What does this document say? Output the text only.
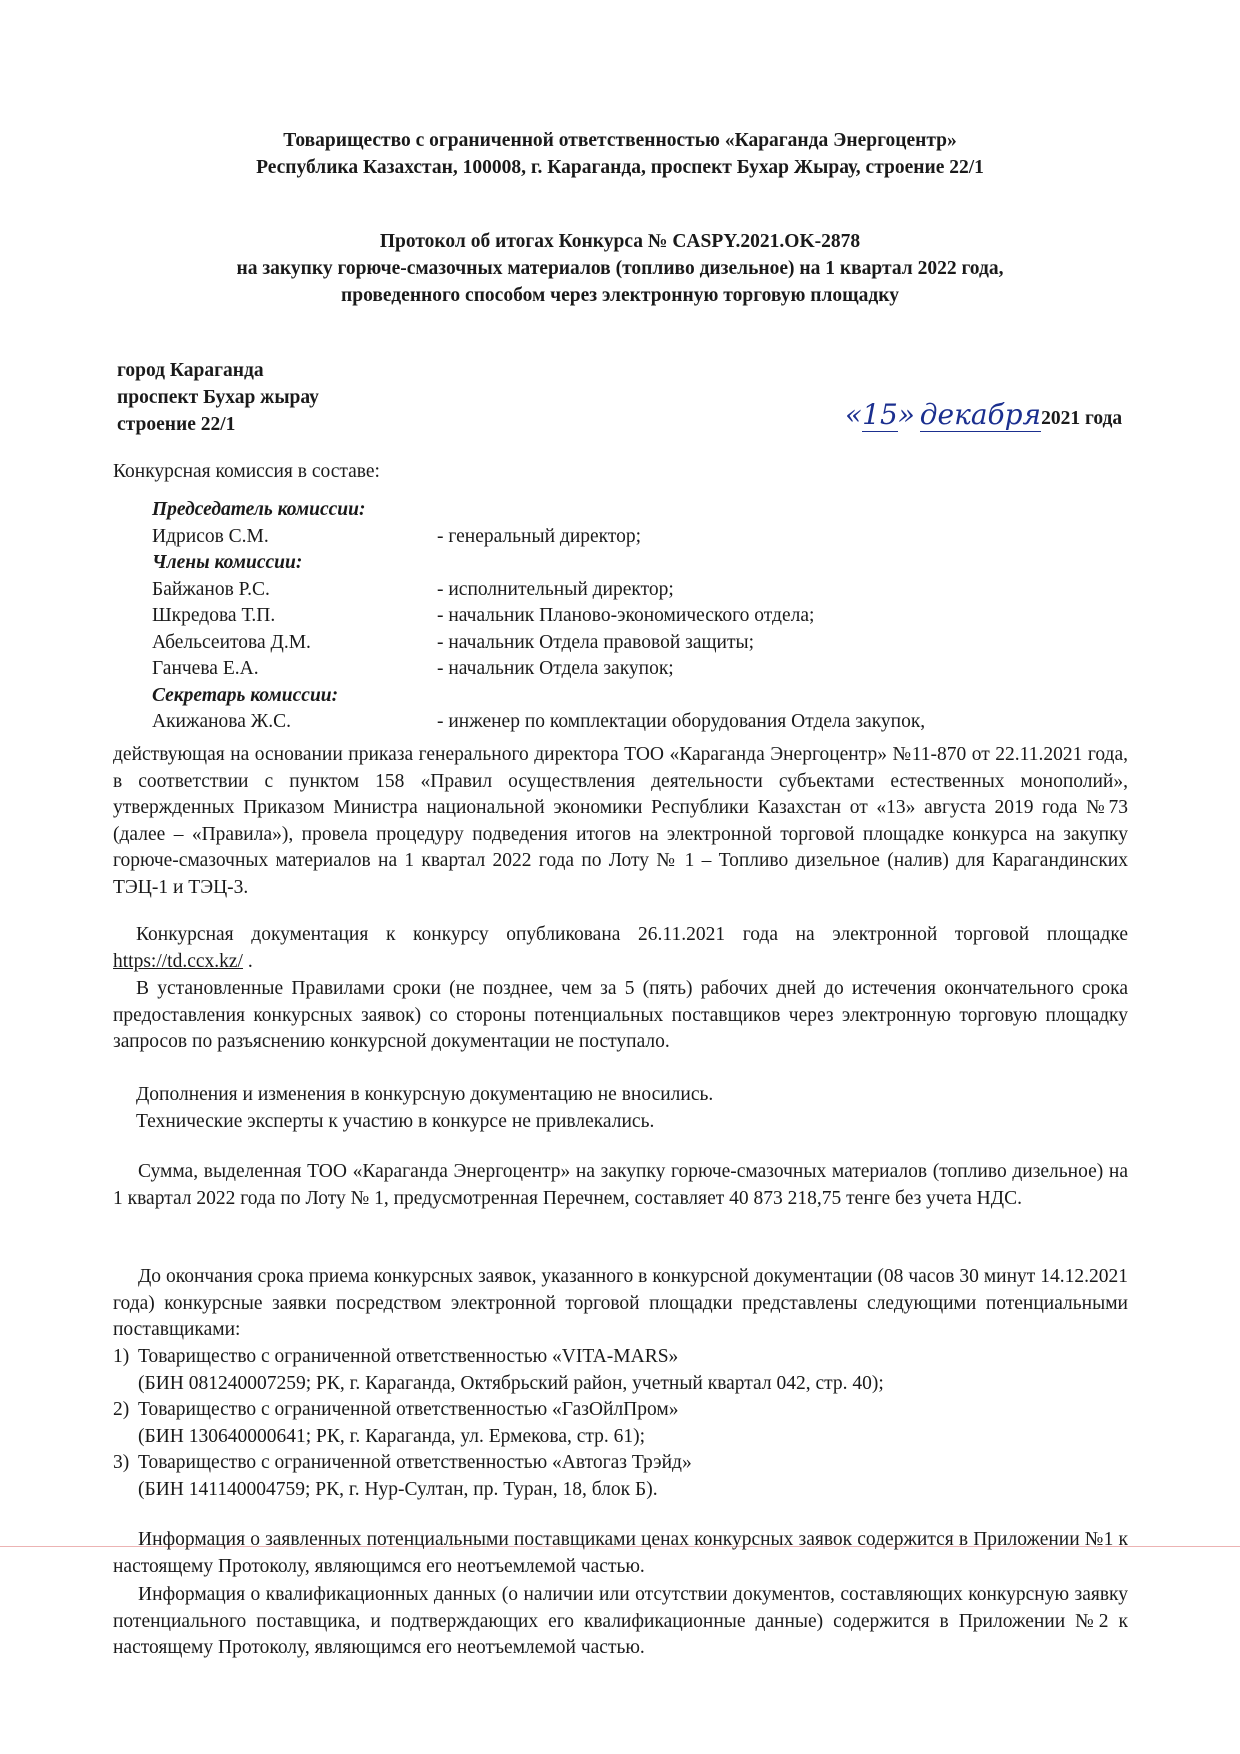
Товарищество с ограниченной ответственностью «Караганда Энергоцентр»
Республика Казахстан, 100008, г. Караганда, проспект Бухар Жырау, строение 22/1
Протокол об итогах Конкурса № CASPY.2021.OK-2878
на закупку горюче-смазочных материалов (топливо дизельное) на 1 квартал 2022 года,
проведенного способом через электронную торговую площадку
город Караганда
проспект Бухар жырау
строение 22/1	«15» декабря2021 года
Конкурсная комиссия в составе:
Председатель комиссии:
Идрисов С.М.	- генеральный директор;
Члены комиссии:
Байжанов Р.С.	- исполнительный директор;
Шкредова Т.П.	- начальник Планово-экономического отдела;
Абельсеитова Д.М.	- начальник Отдела правовой защиты;
Ганчева Е.А.	- начальник Отдела закупок;
Секретарь комиссии:
Акижанова Ж.С.	- инженер по комплектации оборудования Отдела закупок,
действующая на основании приказа генерального директора ТОО «Караганда Энергоцентр» №11-870 от 22.11.2021 года, в соответствии с пунктом 158 «Правил осуществления деятельности субъектами естественных монополий», утвержденных Приказом Министра национальной экономики Республики Казахстан от «13» августа 2019 года №73 (далее – «Правила»), провела процедуру подведения итогов на электронной торговой площадке конкурса на закупку горюче-смазочных материалов на 1 квартал 2022 года по Лоту № 1 – Топливо дизельное (налив) для Карагандинских ТЭЦ-1 и ТЭЦ-3.
Конкурсная документация к конкурсу опубликована 26.11.2021 года на электронной торговой площадке https://td.ccx.kz/ .
В установленные Правилами сроки (не позднее, чем за 5 (пять) рабочих дней до истечения окончательного срока предоставления конкурсных заявок) со стороны потенциальных поставщиков через электронную торговую площадку запросов по разъяснению конкурсной документации не поступало.
Дополнения и изменения в конкурсную документацию не вносились.
Технические эксперты к участию в конкурсе не привлекались.
Сумма, выделенная ТОО «Караганда Энергоцентр» на закупку горюче-смазочных материалов (топливо дизельное) на 1 квартал 2022 года по Лоту № 1, предусмотренная Перечнем, составляет 40 873 218,75 тенге без учета НДС.
До окончания срока приема конкурсных заявок, указанного в конкурсной документации (08 часов 30 минут 14.12.2021 года) конкурсные заявки посредством электронной торговой площадки представлены следующими потенциальными поставщиками:
1) Товарищество с ограниченной ответственностью «VITA-MARS»
(БИН 081240007259; РК, г. Караганда, Октябрьский район, учетный квартал 042, стр. 40);
2) Товарищество с ограниченной ответственностью «ГазОйлПром»
(БИН 130640000641; РК, г. Караганда, ул. Ермекова, стр. 61);
3) Товарищество с ограниченной ответственностью «Автогаз Трэйд»
(БИН 141140004759; РК, г. Нур-Султан, пр. Туран, 18, блок Б).
Информация о заявленных потенциальными поставщиками ценах конкурсных заявок содержится в Приложении №1 к настоящему Протоколу, являющимся его неотъемлемой частью.
Информация о квалификационных данных (о наличии или отсутствии документов, составляющих конкурсную заявку потенциального поставщика, и подтверждающих его квалификационные данные) содержится в Приложении №2 к настоящему Протоколу, являющимся его неотъемлемой частью.
